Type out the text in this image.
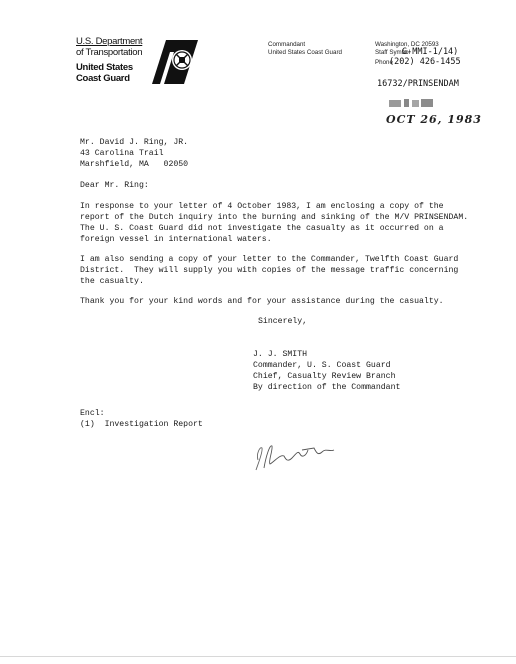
U.S. Department
of Transportation
United States
Coast Guard
Commandant
United States Coast Guard
Washington, DC 20593
Staff Symbol
G-MMI-1/14)
Phone
(202) 426-1455
16732/PRINSENDAM
OCT 26, 1983
Mr. David J. Ring, JR.
43 Carolina Trail
Marshfield, MA   02050
Dear Mr. Ring:
In response to your letter of 4 October 1983, I am enclosing a copy of the
report of the Dutch inquiry into the burning and sinking of the M/V PRINSENDAM.
The U. S. Coast Guard did not investigate the casualty as it occurred on a
foreign vessel in international waters.
I am also sending a copy of your letter to the Commander, Twelfth Coast Guard
District.  They will supply you with copies of the message traffic concerning
the casualty.
Thank you for your kind words and for your assistance during the casualty.
Sincerely,
J. J. SMITH
Commander, U. S. Coast Guard
Chief, Casualty Review Branch
By direction of the Commandant
Encl:
(1)  Investigation Report
